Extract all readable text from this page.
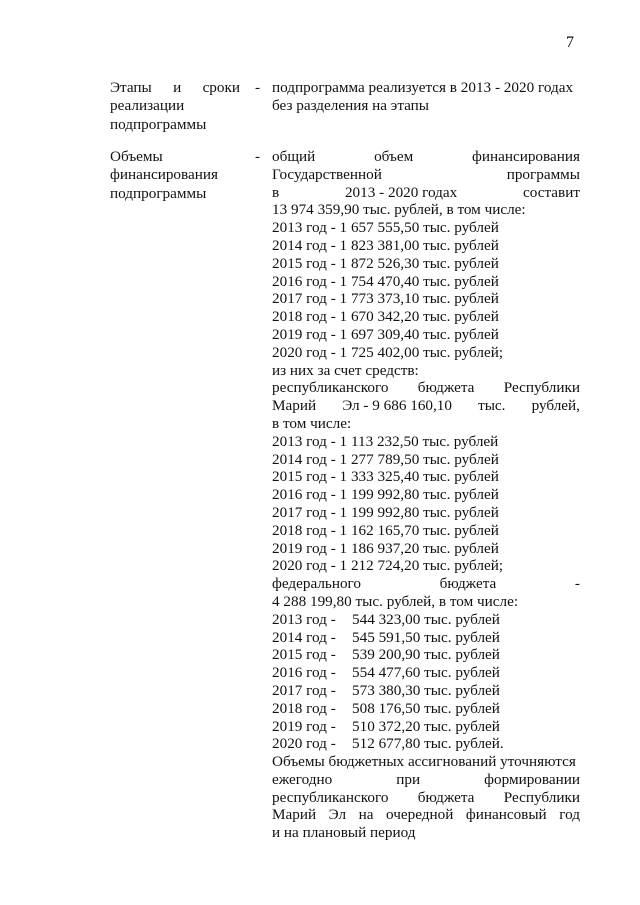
7
Этапы и сроки
реализации
подпрограммы
- подпрограмма реализуется в 2013 - 2020 годах
без разделения на этапы
Объемы
финансирования
подпрограммы
- общий	объем	финансирования
Государственной	программы
в	2013 - 2020 годах	составит
13 974 359,90 тыс. рублей, в том числе:
2013 год - 1 657 555,50 тыс. рублей
2014 год - 1 823 381,00 тыс. рублей
2015 год - 1 872 526,30 тыс. рублей
2016 год - 1 754 470,40 тыс. рублей
2017 год - 1 773 373,10 тыс. рублей
2018 год - 1 670 342,20 тыс. рублей
2019 год - 1 697 309,40 тыс. рублей
2020 год - 1 725 402,00 тыс. рублей;
из них за счет средств:
республиканского бюджета Республики
Марий Эл - 9 686 160,10 тыс. рублей,
в том числе:
2013 год - 1 113 232,50 тыс. рублей
2014 год - 1 277 789,50 тыс. рублей
2015 год - 1 333 325,40 тыс. рублей
2016 год - 1 199 992,80 тыс. рублей
2017 год - 1 199 992,80 тыс. рублей
2018 год - 1 162 165,70 тыс. рублей
2019 год - 1 186 937,20 тыс. рублей
2020 год - 1 212 724,20 тыс. рублей;
федерального	бюджета	-
4 288 199,80 тыс. рублей, в том числе:
2013 год - 544 323,00 тыс. рублей
2014 год - 545 591,50 тыс. рублей
2015 год - 539 200,90 тыс. рублей
2016 год - 554 477,60 тыс. рублей
2017 год - 573 380,30 тыс. рублей
2018 год - 508 176,50 тыс. рублей
2019 год - 510 372,20 тыс. рублей
2020 год - 512 677,80 тыс. рублей.
Объемы бюджетных ассигнований уточняются
ежегодно	при	формировании
республиканского бюджета Республики
Марий Эл на очередной финансовый год
и на плановый период
